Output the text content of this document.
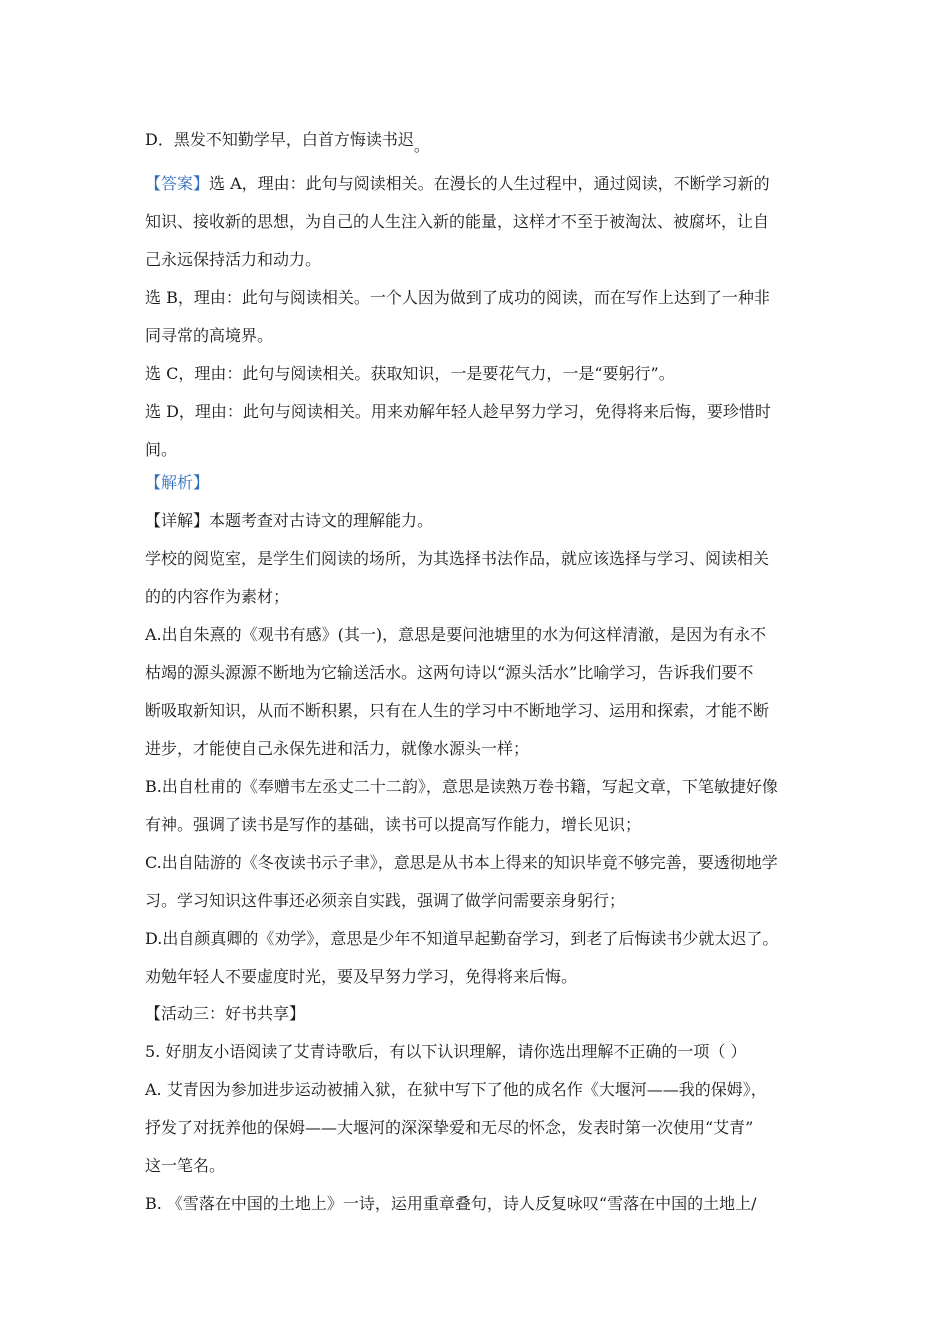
D．黑发不知勤学早，白首方悔读书迟。
【答案】选 A，理由：此句与阅读相关。在漫长的人生过程中，通过阅读，不断学习新的
知识、接收新的思想，为自己的人生注入新的能量，这样才不至于被淘汰、被腐坏，让自
己永远保持活力和动力。
选 B，理由：此句与阅读相关。一个人因为做到了成功的阅读，而在写作上达到了一种非
同寻常的高境界。
选 C，理由：此句与阅读相关。获取知识，一是要花气力，一是“要躬行”。
选 D，理由：此句与阅读相关。用来劝解年轻人趁早努力学习，免得将来后悔，要珍惜时
间。
【解析】
【详解】本题考查对古诗文的理解能力。
学校的阅览室，是学生们阅读的场所，为其选择书法作品，就应该选择与学习、阅读相关
的的内容作为素材；
A.出自朱熹的《观书有感》(其一)，意思是要问池塘里的水为何这样清澈，是因为有永不
枯竭的源头源源不断地为它输送活水。这两句诗以“源头活水”比喻学习，告诉我们要不
断吸取新知识，从而不断积累，只有在人生的学习中不断地学习、运用和探索，才能不断
进步，才能使自己永保先进和活力，就像水源头一样；
B.出自杜甫的《奉赠韦左丞丈二十二韵》，意思是读熟万卷书籍，写起文章，下笔敏捷好像
有神。强调了读书是写作的基础，读书可以提高写作能力，增长见识；
C.出自陆游的《冬夜读书示子聿》，意思是从书本上得来的知识毕竟不够完善，要透彻地学
习。学习知识这件事还必须亲自实践，强调了做学问需要亲身躬行；
D.出自颜真卿的《劝学》，意思是少年不知道早起勤奋学习，到老了后悔读书少就太迟了。
劝勉年轻人不要虚度时光，要及早努力学习，免得将来后悔。
【活动三：好书共享】
5. 好朋友小语阅读了艾青诗歌后，有以下认识理解，请你选出理解不正确的一项（ ）
A. 艾青因为参加进步运动被捕入狱，在狱中写下了他的成名作《大堰河——我的保姆》，
抒发了对抚养他的保姆——大堰河的深深挚爱和无尽的怀念，发表时第一次使用“艾青”
这一笔名。
B. 《雪落在中国的土地上》一诗，运用重章叠句，诗人反复咏叹“雪落在中国的土地上/
